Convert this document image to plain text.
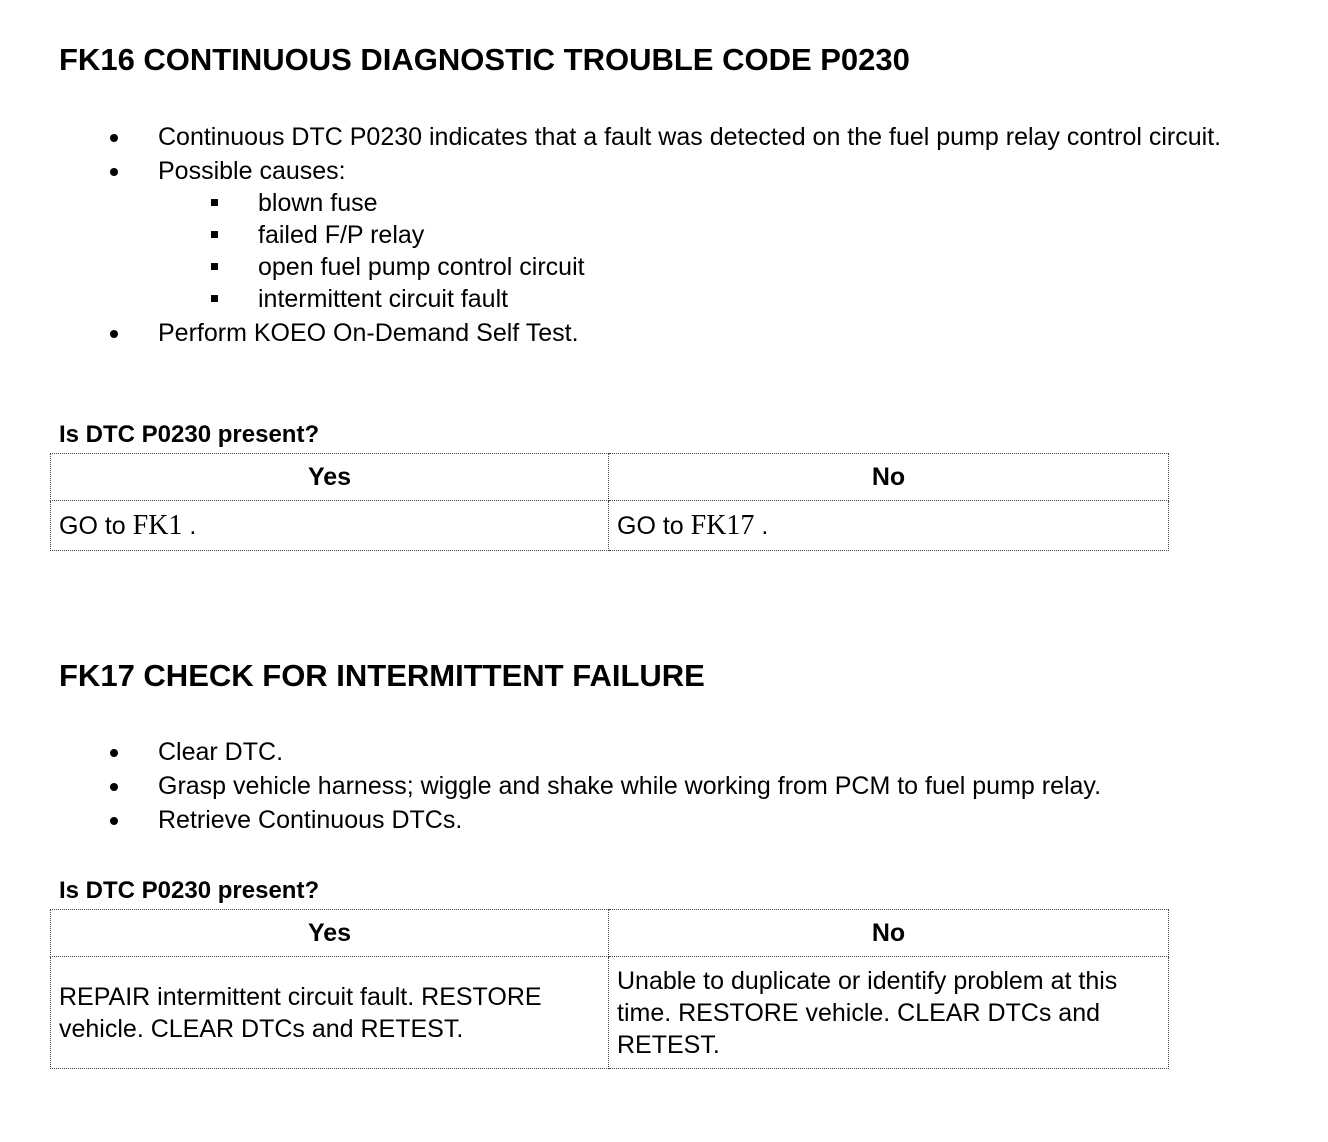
FK16 CONTINUOUS DIAGNOSTIC TROUBLE CODE P0230
Continuous DTC P0230 indicates that a fault was detected on the fuel pump relay control circuit.
Possible causes:
blown fuse
failed F/P relay
open fuel pump control circuit
intermittent circuit fault
Perform KOEO On-Demand Self Test.

Is DTC P0230 present?

Yes	No
GO to FK1 .	GO to FK17 .
FK17 CHECK FOR INTERMITTENT FAILURE
Clear DTC.
Grasp vehicle harness; wiggle and shake while working from PCM to fuel pump relay.
Retrieve Continuous DTCs.

Is DTC P0230 present?

Yes	No
REPAIR intermittent circuit fault. RESTORE vehicle. CLEAR DTCs and RETEST.	Unable to duplicate or identify problem at this time. RESTORE vehicle. CLEAR DTCs and RETEST.
